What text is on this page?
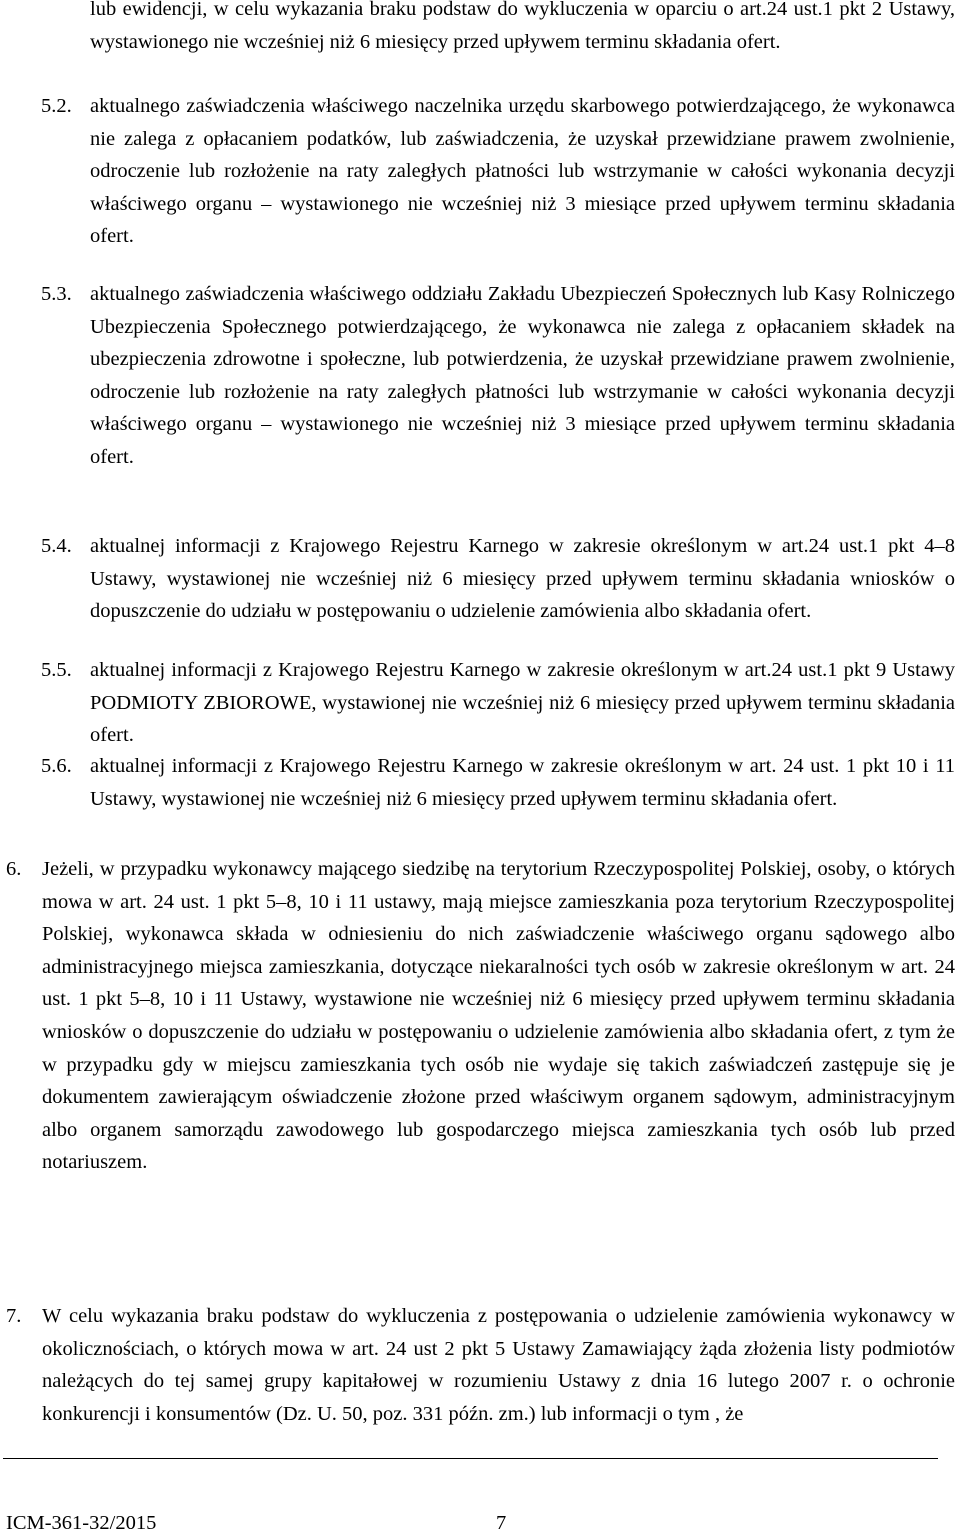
lub ewidencji, w celu wykazania braku podstaw do wykluczenia w oparciu o art.24 ust.1 pkt 2 Ustawy, wystawionego nie wcześniej niż 6 miesięcy przed upływem terminu składania ofert.

5.2. aktualnego zaświadczenia właściwego naczelnika urzędu skarbowego potwierdzającego, że wykonawca nie zalega z opłacaniem podatków, lub zaświadczenia, że uzyskał przewidziane prawem zwolnienie, odroczenie lub rozłożenie na raty zaległych płatności lub wstrzymanie w całości wykonania decyzji właściwego organu – wystawionego nie wcześniej niż 3 miesiące przed upływem terminu składania ofert.

5.3. aktualnego zaświadczenia właściwego oddziału Zakładu Ubezpieczeń Społecznych lub Kasy Rolniczego Ubezpieczenia Społecznego potwierdzającego, że wykonawca nie zalega z opłacaniem składek na ubezpieczenia zdrowotne i społeczne, lub potwierdzenia, że uzyskał przewidziane prawem zwolnienie, odroczenie lub rozłożenie na raty zaległych płatności lub wstrzymanie w całości wykonania decyzji właściwego organu – wystawionego nie wcześniej niż 3 miesiące przed upływem terminu składania ofert.

5.4. aktualnej informacji z Krajowego Rejestru Karnego w zakresie określonym w art.24 ust.1 pkt 4–8 Ustawy, wystawionej nie wcześniej niż 6 miesięcy przed upływem terminu składania wniosków o dopuszczenie do udziału w postępowaniu o udzielenie zamówienia albo składania ofert.

5.5. aktualnej informacji z Krajowego Rejestru Karnego w zakresie określonym w art.24 ust.1 pkt 9 Ustawy PODMIOTY ZBIOROWE, wystawionej nie wcześniej niż 6 miesięcy przed upływem terminu składania ofert.

5.6. aktualnej informacji z Krajowego Rejestru Karnego w zakresie określonym w art. 24 ust. 1 pkt 10 i 11 Ustawy, wystawionej nie wcześniej niż 6 miesięcy przed upływem terminu składania ofert.

6. Jeżeli, w przypadku wykonawcy mającego siedzibę na terytorium Rzeczypospolitej Polskiej, osoby, o których mowa w art. 24 ust. 1 pkt 5–8, 10 i 11 ustawy, mają miejsce zamieszkania poza terytorium Rzeczypospolitej Polskiej, wykonawca składa w odniesieniu do nich zaświadczenie właściwego organu sądowego albo administracyjnego miejsca zamieszkania, dotyczące niekaralności tych osób w zakresie określonym w art. 24 ust. 1 pkt 5–8, 10 i 11 Ustawy, wystawione nie wcześniej niż 6 miesięcy przed upływem terminu składania wniosków o dopuszczenie do udziału w postępowaniu o udzielenie zamówienia albo składania ofert, z tym że w przypadku gdy w miejscu zamieszkania tych osób nie wydaje się takich zaświadczeń zastępuje się je dokumentem zawierającym oświadczenie złożone przed właściwym organem sądowym, administracyjnym albo organem samorządu zawodowego lub gospodarczego miejsca zamieszkania tych osób lub przed notariuszem.

7. W celu wykazania braku podstaw do wykluczenia z postępowania o udzielenie zamówienia wykonawcy w okolicznościach, o których mowa w art. 24 ust 2 pkt 5 Ustawy Zamawiający żąda złożenia listy podmiotów należących do tej samej grupy kapitałowej w rozumieniu Ustawy z dnia 16 lutego 2007 r. o ochronie konkurencji i konsumentów (Dz. U. 50, poz. 331 późn. zm.) lub informacji o tym , że

ICM-361-32/2015	7
